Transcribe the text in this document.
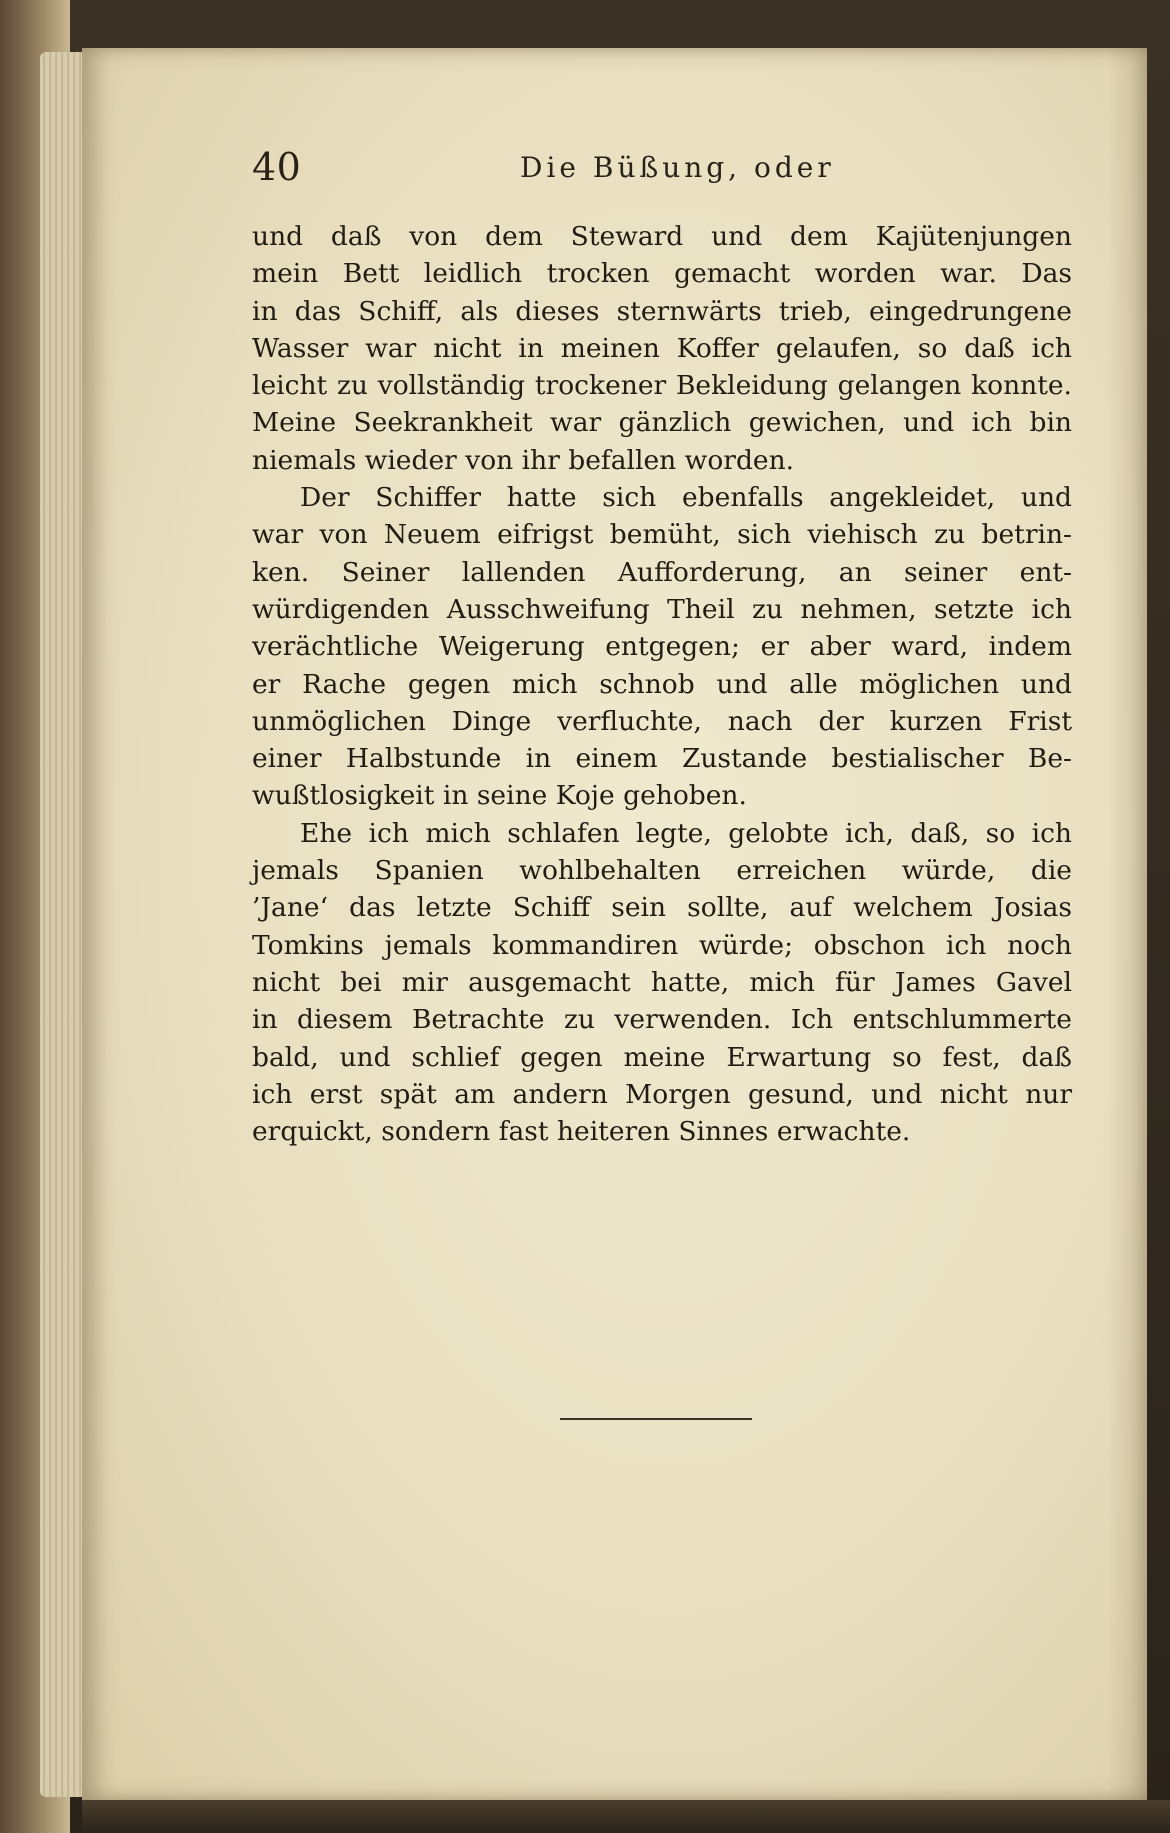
40	Die Büßung, oder

und daß von dem Steward und dem Kajütenjungen
mein Bett leidlich trocken gemacht worden war. Das
in das Schiff, als dieses sternwärts trieb, eingedrungene
Wasser war nicht in meinen Koffer gelaufen, so daß ich
leicht zu vollständig trockener Bekleidung gelangen konnte.
Meine Seekrankheit war gänzlich gewichen, und ich bin
niemals wieder von ihr befallen worden.

Der Schiffer hatte sich ebenfalls angekleidet, und
war von Neuem eifrigst bemüht, sich viehisch zu betrin-
ken. Seiner lallenden Aufforderung, an seiner ent-
würdigenden Ausschweifung Theil zu nehmen, setzte ich
verächtliche Weigerung entgegen; er aber ward, indem
er Rache gegen mich schnob und alle möglichen und
unmöglichen Dinge verfluchte, nach der kurzen Frist
einer Halbstunde in einem Zustande bestialischer Be-
wußtlosigkeit in seine Koje gehoben.

Ehe ich mich schlafen legte, gelobte ich, daß, so ich
jemals Spanien wohlbehalten erreichen würde, die
’Jane‘ das letzte Schiff sein sollte, auf welchem Josias
Tomkins jemals kommandiren würde; obschon ich noch
nicht bei mir ausgemacht hatte, mich für James Gavel
in diesem Betrachte zu verwenden. Ich entschlummerte
bald, und schlief gegen meine Erwartung so fest, daß
ich erst spät am andern Morgen gesund, und nicht nur
erquickt, sondern fast heiteren Sinnes erwachte.
